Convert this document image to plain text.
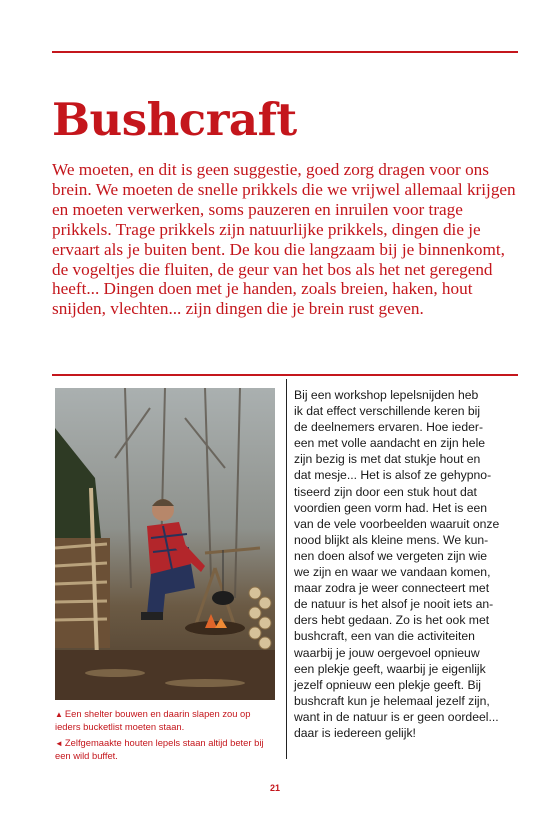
Bushcraft

We moeten, en dit is geen suggestie, goed zorg dragen voor ons brein. We moeten de snelle prikkels die we vrijwel allemaal krijgen en moeten verwerken, soms pauzeren en inruilen voor trage prikkels. Trage prikkels zijn natuurlijke prikkels, dingen die je ervaart als je buiten bent. De kou die langzaam bij je binnenkomt, de vogeltjes die fluiten, de geur van het bos als het net geregend heeft... Dingen doen met je handen, zoals breien, haken, hout snijden, vlechten... zijn dingen die je brein rust geven.

▲ Een shelter bouwen en daarin slapen zou op ieders bucketlist moeten staan.

◄ Zelfgemaakte houten lepels staan altijd beter bij een wild buffet.

Bij een workshop lepelsnijden heb
ik dat effect verschillende keren bij
de deelnemers ervaren. Hoe ieder-
een met volle aandacht en zijn hele
zijn bezig is met dat stukje hout en
dat mesje... Het is alsof ze gehypno-
tiseerd zijn door een stuk hout dat
voordien geen vorm had. Het is een
van de vele voorbeelden waaruit onze
nood blijkt als kleine mens. We kun-
nen doen alsof we vergeten zijn wie
we zijn en waar we vandaan komen,
maar zodra je weer connecteert met
de natuur is het alsof je nooit iets an-
ders hebt gedaan. Zo is het ook met
bushcraft, een van die activiteiten
waarbij je jouw oergevoel opnieuw
een plekje geeft, waarbij je eigenlijk
jezelf opnieuw een plekje geeft. Bij
bushcraft kun je helemaal jezelf zijn,
want in de natuur is er geen oordeel...
daar is iedereen gelijk!

21
